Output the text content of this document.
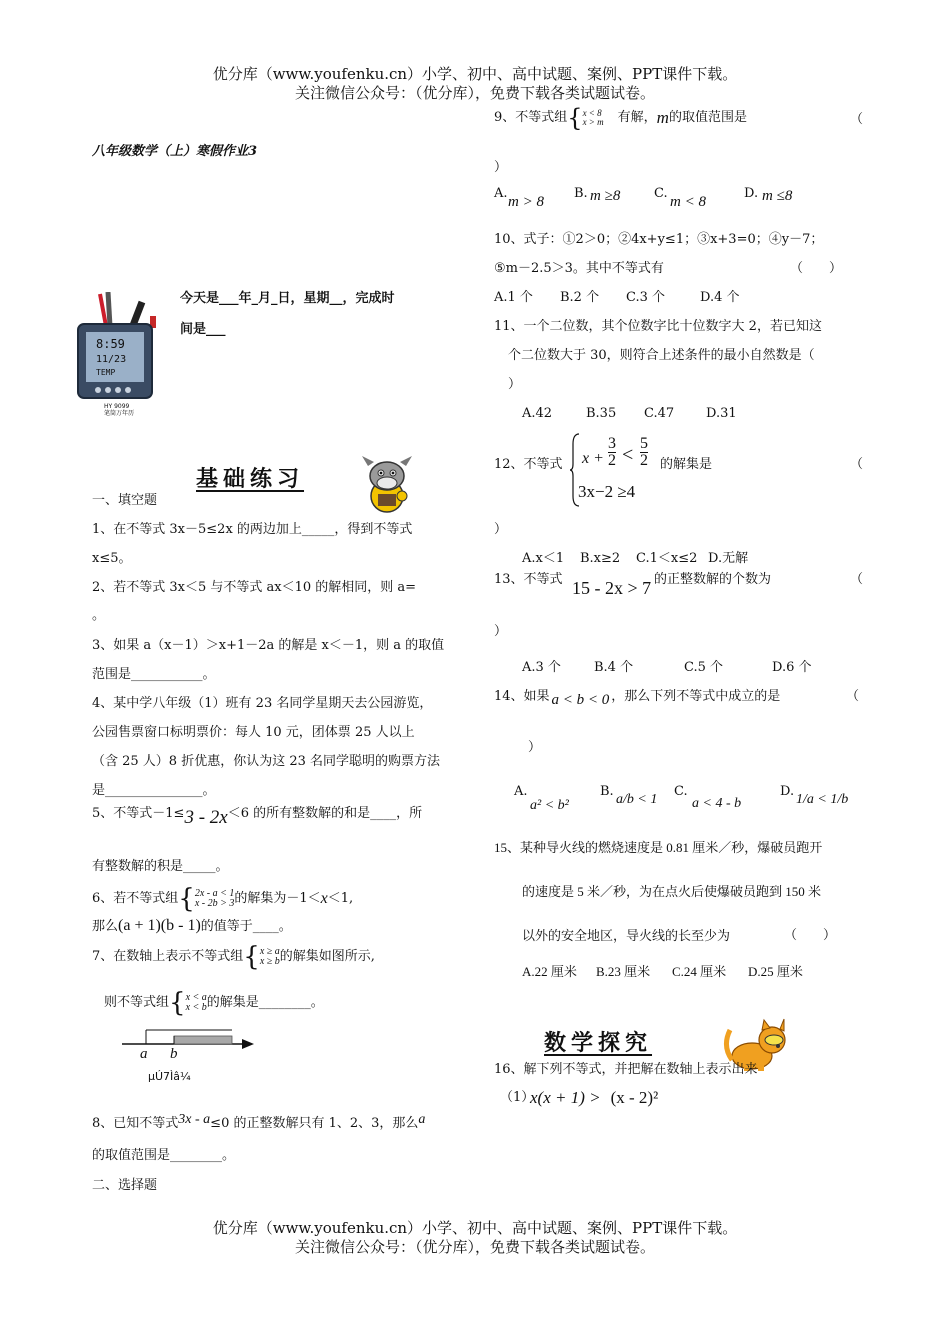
优分库（www.youfenku.cn）小学、初中、高中试题、案例、PPT课件下载。
关注微信公众号：（优分库），免费下载各类试题试卷。
八年级数学（上）寒假作业3
8:59
11/23
TEMP
HY 9099
笔筒万年历
今天是___年_月_日，星期__，完成时
间是___
基础练习
一、填空题
1、在不等式 3x－5≤2x 的两边加上_____，得到不等式
x≤5。
2、若不等式 3x＜5 与不等式 ax＜10 的解相同，则 a=
。
3、如果 a（x－1）＞x+1－2a 的解是 x＜－1，则 a 的取值
范围是___________。
4、某中学八年级（1）班有 23 名同学星期天去公园游览，
公园售票窗口标明票价：每人 10 元，团体票 25 人以上
（含 25 人）8 折优惠，你认为这 23 名同学聪明的购票方法
是_______________。
5、不等式－1≤3 - 2x＜6 的所有整数解的和是____，所
有整数解的积是_____。
6、若不等式组{ 2x - a < 1
x - 2b > 3 的解集为－1＜x＜1,
那么(a + 1)(b - 1)的值等于____。
7、在数轴上表示不等式组{ x ≥ a
x ≥ b 的解集如图所示,
则不等式组{ x < a
x < b 的解集是________。
a b
µÚ7Ìâ¼
8、已知不等式3x - a≤0 的正整数解只有 1、2、3，那么a
的取值范围是________。
二、选择题
9、不等式组{ x < 8
x > m 有解，m的取值范围是	（
）
A.
m > 8
B. m ≥8	C.
m < 8
D. m ≤8
10、式子：①2＞0；②4x+y≤1；③x+3=0；④y－7；
⑤m－2.5＞3。其中不等式有	（　　）
A.1 个 B.2 个 C.3 个	D.4 个
11、一个二位数，其个位数字比十位数字大 2，若已知这
个二位数大于 30，则符合上述条件的最小自然数是（
）
A.42	B.35 C.47 D.31
12、不等式 $x + \frac{3}{2} < \frac{5}{2}$
3x−2 ≥4
的解集是	（
）
A.x＜1 B.x≥2 C.1＜x≤2 D.无解
13、不等式 15 - 2x > 7 的正整数解的个数为	（
）
A.3 个	B.4 个	C.5 个	D.6 个
14、如果 a < b < 0 ，那么下列不等式中成立的是	（
）
A.
a² < b²
B.
a/b < 1
C.
a < 4 - b
D.
1/a < 1/b
15、某种导火线的燃烧速度是 0.81 厘米／秒，爆破员跑开
的速度是 5 米／秒，为在点火后使爆破员跑到 150 米
以外的安全地区，导火线的长至少为	（　　）
A.22 厘米 B.23 厘米 C.24 厘米 D.25 厘米
数学探究
16、解下列不等式，并把解在数轴上表示出来
（1）
x(x + 1) > (x - 2)²
优分库（www.youfenku.cn）小学、初中、高中试题、案例、PPT课件下载。
关注微信公众号：（优分库），免费下载各类试题试卷。
